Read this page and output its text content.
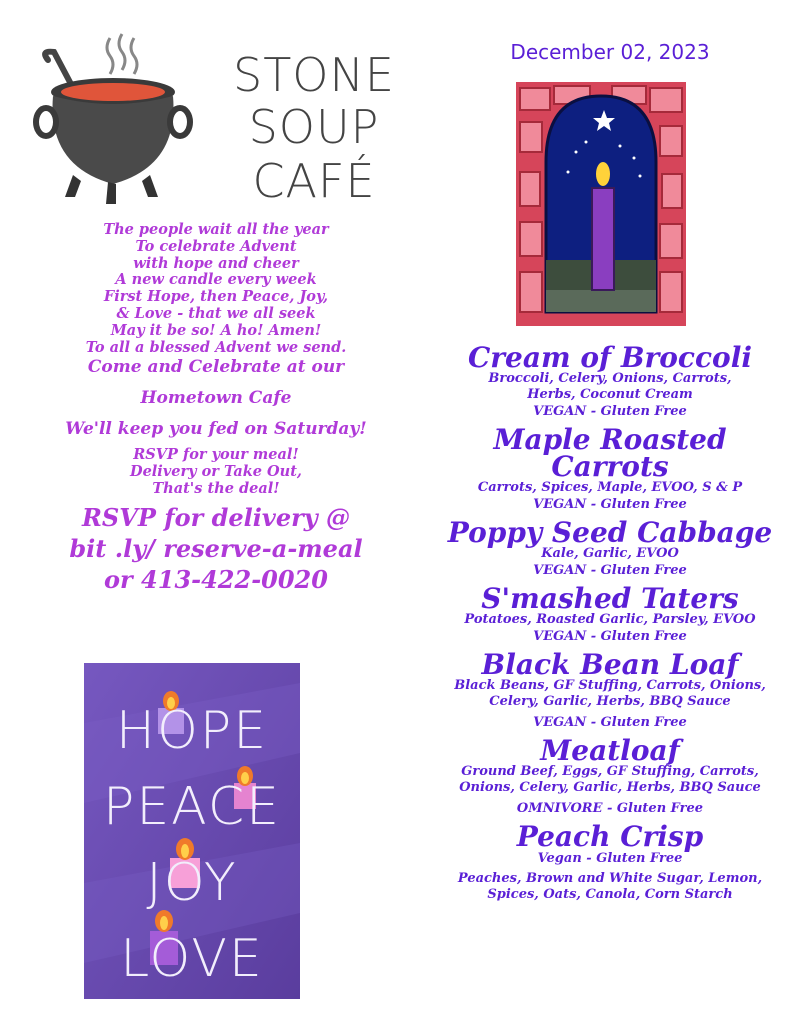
STONE
SOUP
CAFÉ
The people wait all the year
To celebrate Advent
with hope and cheer
A new candle every week
First Hope, then Peace, Joy,
& Love - that we all seek
May it be so! A ho! Amen!
To all a blessed Advent we send.
Come and Celebrate at our
Hometown Cafe
We'll keep you fed on Saturday!
RSVP for your meal!
Delivery or Take Out,
That's the deal!
RSVP for delivery @
bit .ly/ reserve-a-meal
or 413-422-0020
HOPE
PEACE
JOY
LOVE
December 02, 2023
Cream of Broccoli
Broccoli, Celery, Onions, Carrots,
Herbs, Coconut Cream
VEGAN - Gluten Free
Maple Roasted Carrots
Carrots, Spices, Maple, EVOO, S & P
VEGAN - Gluten Free
Poppy Seed Cabbage
Kale, Garlic, EVOO
VEGAN - Gluten Free
S'mashed Taters
Potatoes, Roasted Garlic, Parsley, EVOO
VEGAN - Gluten Free
Black Bean Loaf
Black Beans, GF Stuffing, Carrots, Onions,
Celery, Garlic, Herbs, BBQ Sauce
VEGAN - Gluten Free
Meatloaf
Ground Beef, Eggs, GF Stuffing, Carrots,
Onions, Celery, Garlic, Herbs, BBQ Sauce
OMNIVORE - Gluten Free
Peach Crisp
Vegan - Gluten Free
Peaches, Brown and White Sugar, Lemon,
Spices, Oats, Canola, Corn Starch
